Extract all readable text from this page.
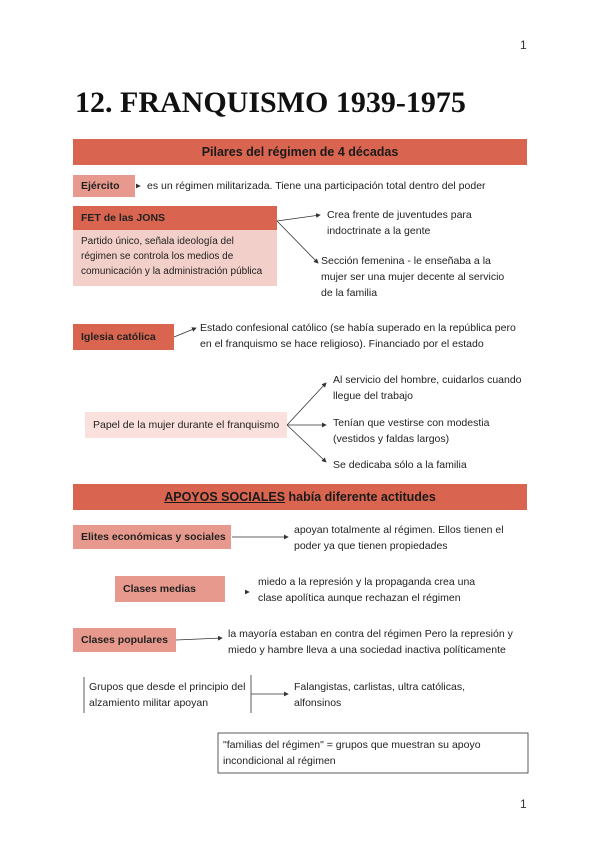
1
1
12. FRANQUISMO 1939-1975
Pilares del régimen de 4 décadas
Ejército	es un régimen militarizada. Tiene una participación total dentro del poder
FET de las JONS
Partido único, señala ideología del régimen se controla los medios de comunicación y la administración pública
Crea frente de juventudes para indoctrinate a la gente
Sección femenina - le enseñaba a la mujer ser una mujer decente al servicio de la familia
Iglesia católica
Estado confesional católico (se había superado en la república pero en el franquismo se hace religioso). Financiado por el estado
Papel de la mujer durante el franquismo
Al servicio del hombre, cuidarlos cuando llegue del trabajo
Tenían que vestirse con modestia (vestidos y faldas largos)
Se dedicaba sólo a la familia
APOYOS SOCIALES había diferente actitudes
Elites económicas y sociales
apoyan totalmente al régimen. Ellos tienen el poder ya que tienen propiedades
Clases medias
miedo a la represión y la propaganda crea una clase apolítica aunque rechazan el régimen
Clases populares	la mayoría estaban en contra del régimen Pero la represión y miedo y hambre lleva a una sociedad inactiva políticamente
Grupos que desde el principio del alzamiento militar apoyan
Falangistas, carlistas, ultra católicas, alfonsinos
"familias del régimen" = grupos que muestran su apoyo incondicional al régimen
